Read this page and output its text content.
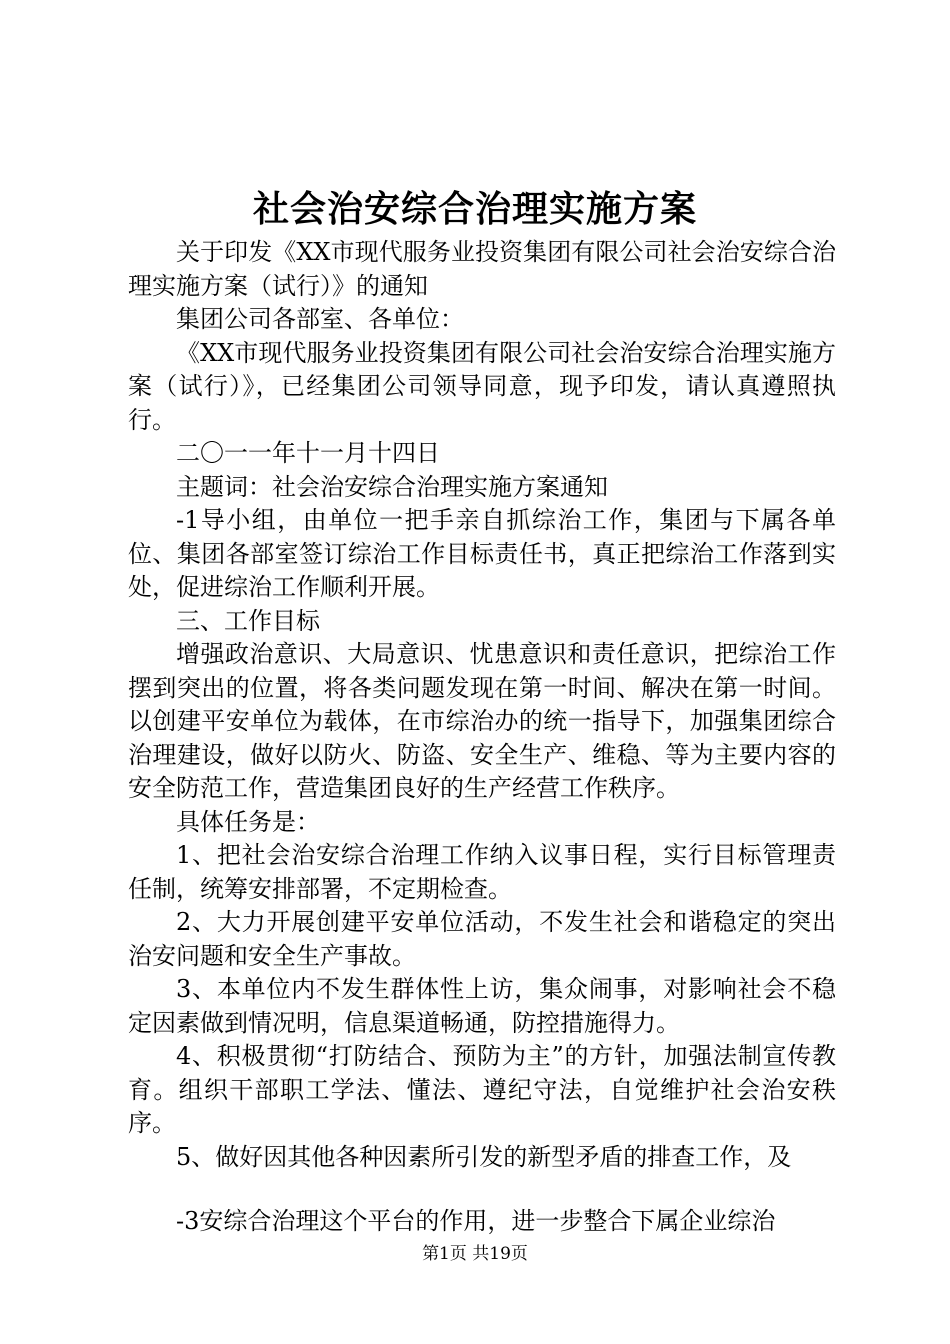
社会治安综合治理实施方案

关于印发《XX市现代服务业投资集团有限公司社会治安综合治理实施方案（试行）》的通知

集团公司各部室、各单位：

《XX市现代服务业投资集团有限公司社会治安综合治理实施方案（试行）》，已经集团公司领导同意，现予印发，请认真遵照执行。

二〇一一年十一月十四日

主题词：社会治安综合治理实施方案通知

-1导小组，由单位一把手亲自抓综治工作，集团与下属各单位、集团各部室签订综治工作目标责任书，真正把综治工作落到实处，促进综治工作顺利开展。

三、工作目标

增强政治意识、大局意识、忧患意识和责任意识，把综治工作摆到突出的位置，将各类问题发现在第一时间、解决在第一时间。以创建平安单位为载体，在市综治办的统一指导下，加强集团综合治理建设，做好以防火、防盗、安全生产、维稳、等为主要内容的安全防范工作，营造集团良好的生产经营工作秩序。

具体任务是：

1、把社会治安综合治理工作纳入议事日程，实行目标管理责任制，统筹安排部署，不定期检查。

2、大力开展创建平安单位活动，不发生社会和谐稳定的突出治安问题和安全生产事故。

3、本单位内不发生群体性上访，集众闹事，对影响社会不稳定因素做到情况明，信息渠道畅通，防控措施得力。

4、积极贯彻“打防结合、预防为主”的方针，加强法制宣传教育。组织干部职工学法、懂法、遵纪守法，自觉维护社会治安秩序。

5、做好因其他各种因素所引发的新型矛盾的排查工作，及

-3安综合治理这个平台的作用，进一步整合下属企业综治

第1页 共19页
